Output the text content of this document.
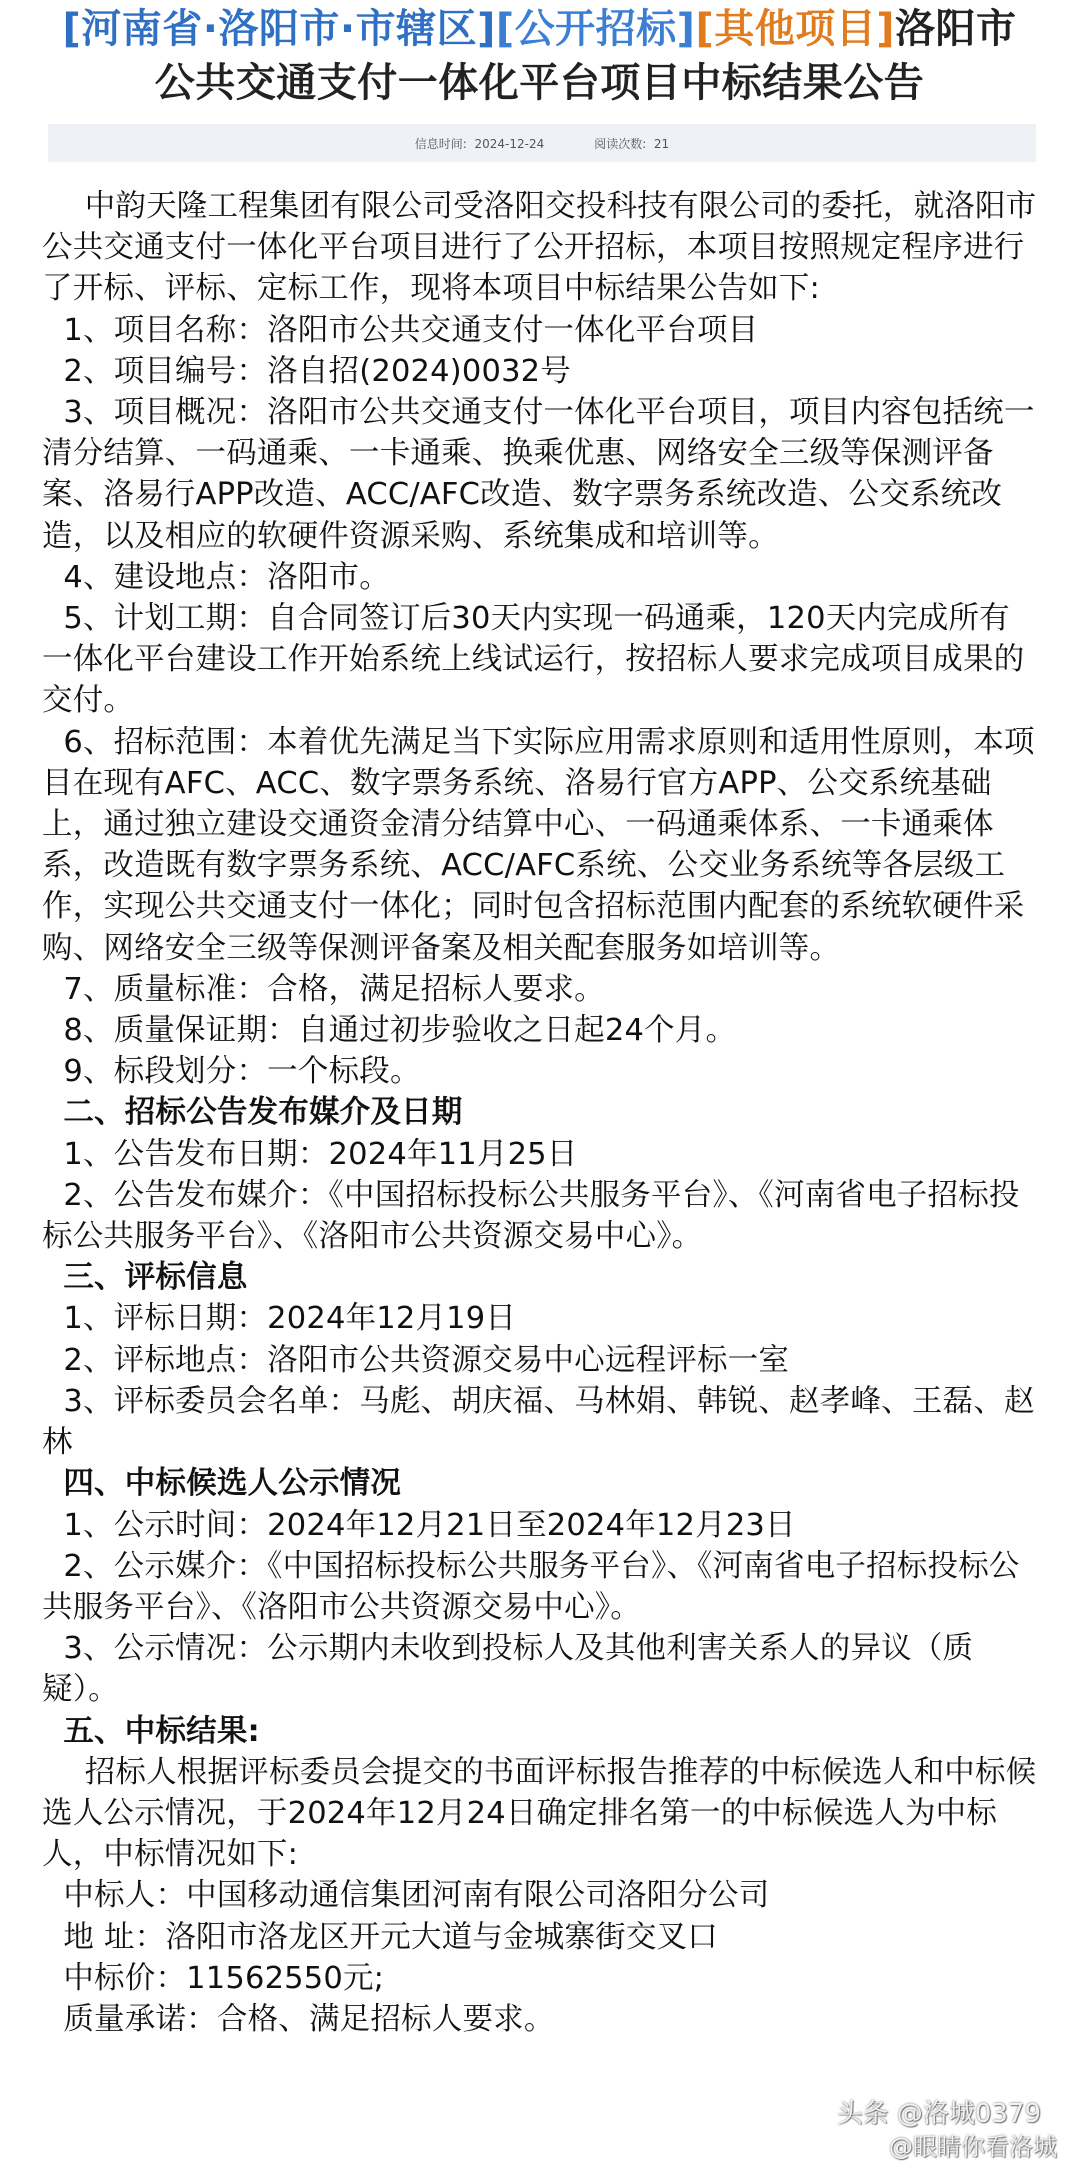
[河南省·洛阳市·市辖区][公开招标][其他项目]洛阳市
公共交通支付一体化平台项目中标结果公告
信息时间: 2024-12-24	阅读次数: 21

中韵天隆工程集团有限公司受洛阳交投科技有限公司的委托，就洛阳市公共交通支付一体化平台项目进行了公开招标，本项目按照规定程序进行了开标、评标、定标工作，现将本项目中标结果公告如下:

1、项目名称：洛阳市公共交通支付一体化平台项目

2、项目编号：洛自招(2024)0032号

3、项目概况：洛阳市公共交通支付一体化平台项目，项目内容包括统一清分结算、一码通乘、一卡通乘、换乘优惠、网络安全三级等保测评备案、洛易行APP改造、ACC/AFC改造、数字票务系统改造、公交系统改造，以及相应的软硬件资源采购、系统集成和培训等。

4、建设地点：洛阳市。

5、计划工期：自合同签订后30天内实现一码通乘，120天内完成所有一体化平台建设工作开始系统上线试运行，按招标人要求完成项目成果的交付。

6、招标范围：本着优先满足当下实际应用需求原则和适用性原则，本项目在现有AFC、ACC、数字票务系统、洛易行官方APP、公交系统基础上，通过独立建设交通资金清分结算中心、一码通乘体系、一卡通乘体系，改造既有数字票务系统、ACC/AFC系统、公交业务系统等各层级工作，实现公共交通支付一体化；同时包含招标范围内配套的系统软硬件采购、网络安全三级等保测评备案及相关配套服务如培训等。

7、质量标准：合格，满足招标人要求。

8、质量保证期：自通过初步验收之日起24个月。

9、标段划分：一个标段。

二、招标公告发布媒介及日期

1、公告发布日期：2024年11月25日

2、公告发布媒介：《中国招标投标公共服务平台》、《河南省电子招标投标公共服务平台》、《洛阳市公共资源交易中心》。

三、评标信息

1、评标日期：2024年12月19日

2、评标地点：洛阳市公共资源交易中心远程评标一室

3、评标委员会名单：马彪、胡庆福、马林娟、韩锐、赵孝峰、王磊、赵林

四、中标候选人公示情况

1、公示时间：2024年12月21日至2024年12月23日

2、公示媒介：《中国招标投标公共服务平台》、《河南省电子招标投标公共服务平台》、《洛阳市公共资源交易中心》。

3、公示情况：公示期内未收到投标人及其他利害关系人的异议（质疑）。

五、中标结果:

招标人根据评标委员会提交的书面评标报告推荐的中标候选人和中标候选人公示情况，于2024年12月24日确定排名第一的中标候选人为中标人，中标情况如下:

中标人：中国移动通信集团河南有限公司洛阳分公司

地 址：洛阳市洛龙区开元大道与金城寨街交叉口

中标价：11562550元;

质量承诺：合格、满足招标人要求。

头条 @洛城0379
@眼睛你看洛城
